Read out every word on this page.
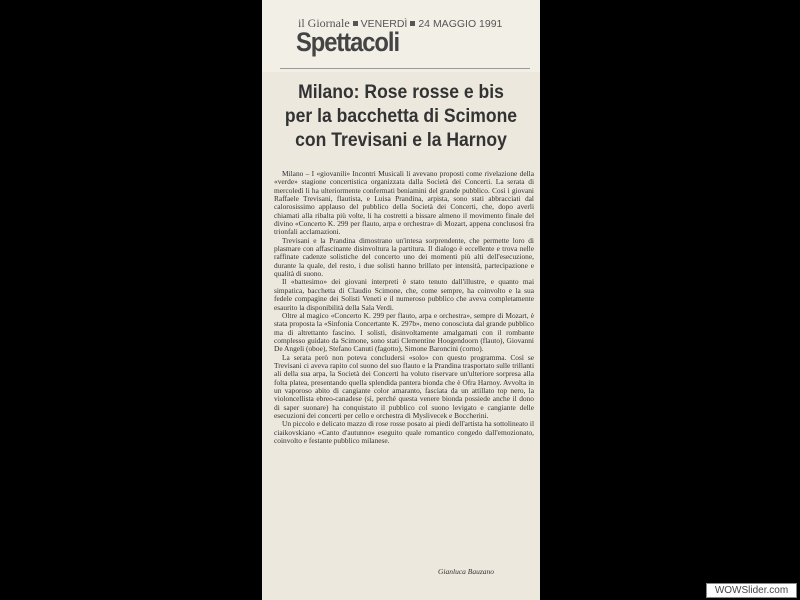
il Giornale VENERDÌ 24 MAGGIO 1991
Spettacoli
Milano: Rose rosse e bis
per la bacchetta di Scimone
con Trevisani e la Harnoy

Milano – I «giovanili» Incontri Musicali li avevano proposti come rivelazione della «verde» stagione concertistica organizzata dalla Società dei Concerti. La serata di mercoledì li ha ulteriormente confermati beniamini del grande pubblico. Così i giovani Raffaele Trevisani, flautista, e Luisa Prandina, arpista, sono stati abbracciati dal calorosissimo applauso del pubblico della Società dei Concerti, che, dopo averli chiamati alla ribalta più volte, li ha costretti a bissare almeno il movimento finale del divino «Concerto K. 299 per flauto, arpa e orchestra» di Mozart, appena conclusosi fra trionfali acclamazioni.

Trevisani e la Prandina dimostrano un'intesa sorprendente, che permette loro di plasmare con affascinante disinvoltura la partitura. Il dialogo è eccellente e trova nelle raffinate cadenze solistiche del concerto uno dei momenti più alti dell'esecuzione, durante la quale, del resto, i due solisti hanno brillato per intensità, partecipazione e qualità di suono.

Il «battesimo» dei giovani interpreti è stato tenuto dall'illustre, e quanto mai simpatica, bacchetta di Claudio Scimone, che, come sempre, ha coinvolto e la sua fedele compagine dei Solisti Veneti e il numeroso pubblico che aveva completamente esaurito la disponibilità della Sala Verdi.

Oltre al magico «Concerto K. 299 per flauto, arpa e orchestra», sempre di Mozart, è stata proposta la «Sinfonia Concertante K. 297b», meno conosciuta dal grande pubblico ma di altrettanto fascino. I solisti, disinvoltamente amalgamati con il rombante complesso guidato da Scimone, sono stati Clementine Hoogendoorn (flauto), Giovanni De Angeli (oboe), Stefano Canuti (fagotto), Simone Baroncini (corno).

La serata però non poteva concludersi «solo» con questo programma. Così se Trevisani ci aveva rapito col suono del suo flauto e la Prandina trasportato sulle trillanti ali della sua arpa, la Società dei Concerti ha voluto riservare un'ulteriore sorpresa alla folta platea, presentando quella splendida pantera bionda che è Ofra Harnoy. Avvolta in un vaporoso abito di cangiante color amaranto, fasciata da un attillato top nero, la violoncellista ebreo-canadese (sì, perché questa venere bionda possiede anche il dono di saper suonare) ha conquistato il pubblico col suono levigato e cangiante delle esecuzioni dei concerti per cello e orchestra di Myslivecek e Boccherini.

Un piccolo e delicato mazzo di rose rosse posato ai piedi dell'artista ha sottolineato il ciaikovskiano «Canto d'autunno» eseguito quale romantico congedo dall'emozionato, coinvolto e festante pubblico milanese.

Gianluca Bauzano
WOWSlider.com
